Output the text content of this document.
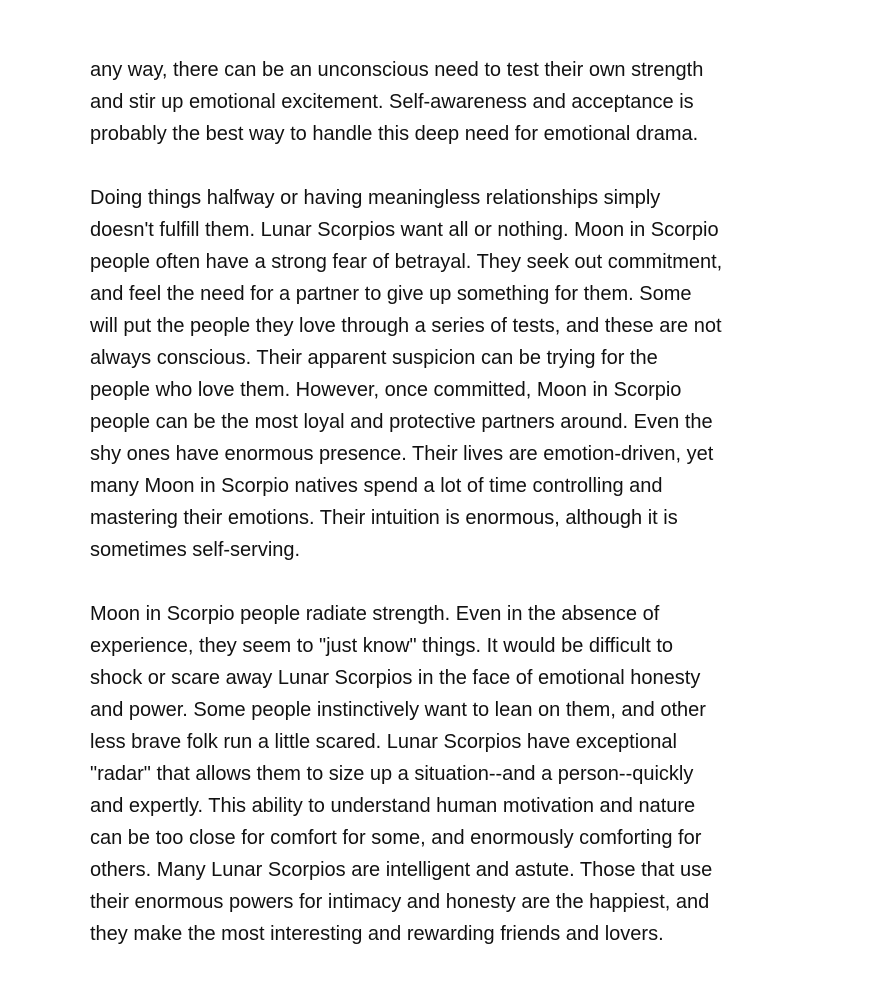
any way, there can be an unconscious need to test their own strength
and stir up emotional excitement. Self-awareness and acceptance is
probably the best way to handle this deep need for emotional drama.

Doing things halfway or having meaningless relationships simply
doesn't fulfill them. Lunar Scorpios want all or nothing. Moon in Scorpio
people often have a strong fear of betrayal. They seek out commitment,
and feel the need for a partner to give up something for them. Some
will put the people they love through a series of tests, and these are not
always conscious. Their apparent suspicion can be trying for the
people who love them. However, once committed, Moon in Scorpio
people can be the most loyal and protective partners around. Even the
shy ones have enormous presence. Their lives are emotion-driven, yet
many Moon in Scorpio natives spend a lot of time controlling and
mastering their emotions. Their intuition is enormous, although it is
sometimes self-serving.

Moon in Scorpio people radiate strength. Even in the absence of
experience, they seem to "just know" things. It would be difficult to
shock or scare away Lunar Scorpios in the face of emotional honesty
and power. Some people instinctively want to lean on them, and other
less brave folk run a little scared. Lunar Scorpios have exceptional
"radar" that allows them to size up a situation--and a person--quickly
and expertly. This ability to understand human motivation and nature
can be too close for comfort for some, and enormously comforting for
others. Many Lunar Scorpios are intelligent and astute. Those that use
their enormous powers for intimacy and honesty are the happiest, and
they make the most interesting and rewarding friends and lovers.
